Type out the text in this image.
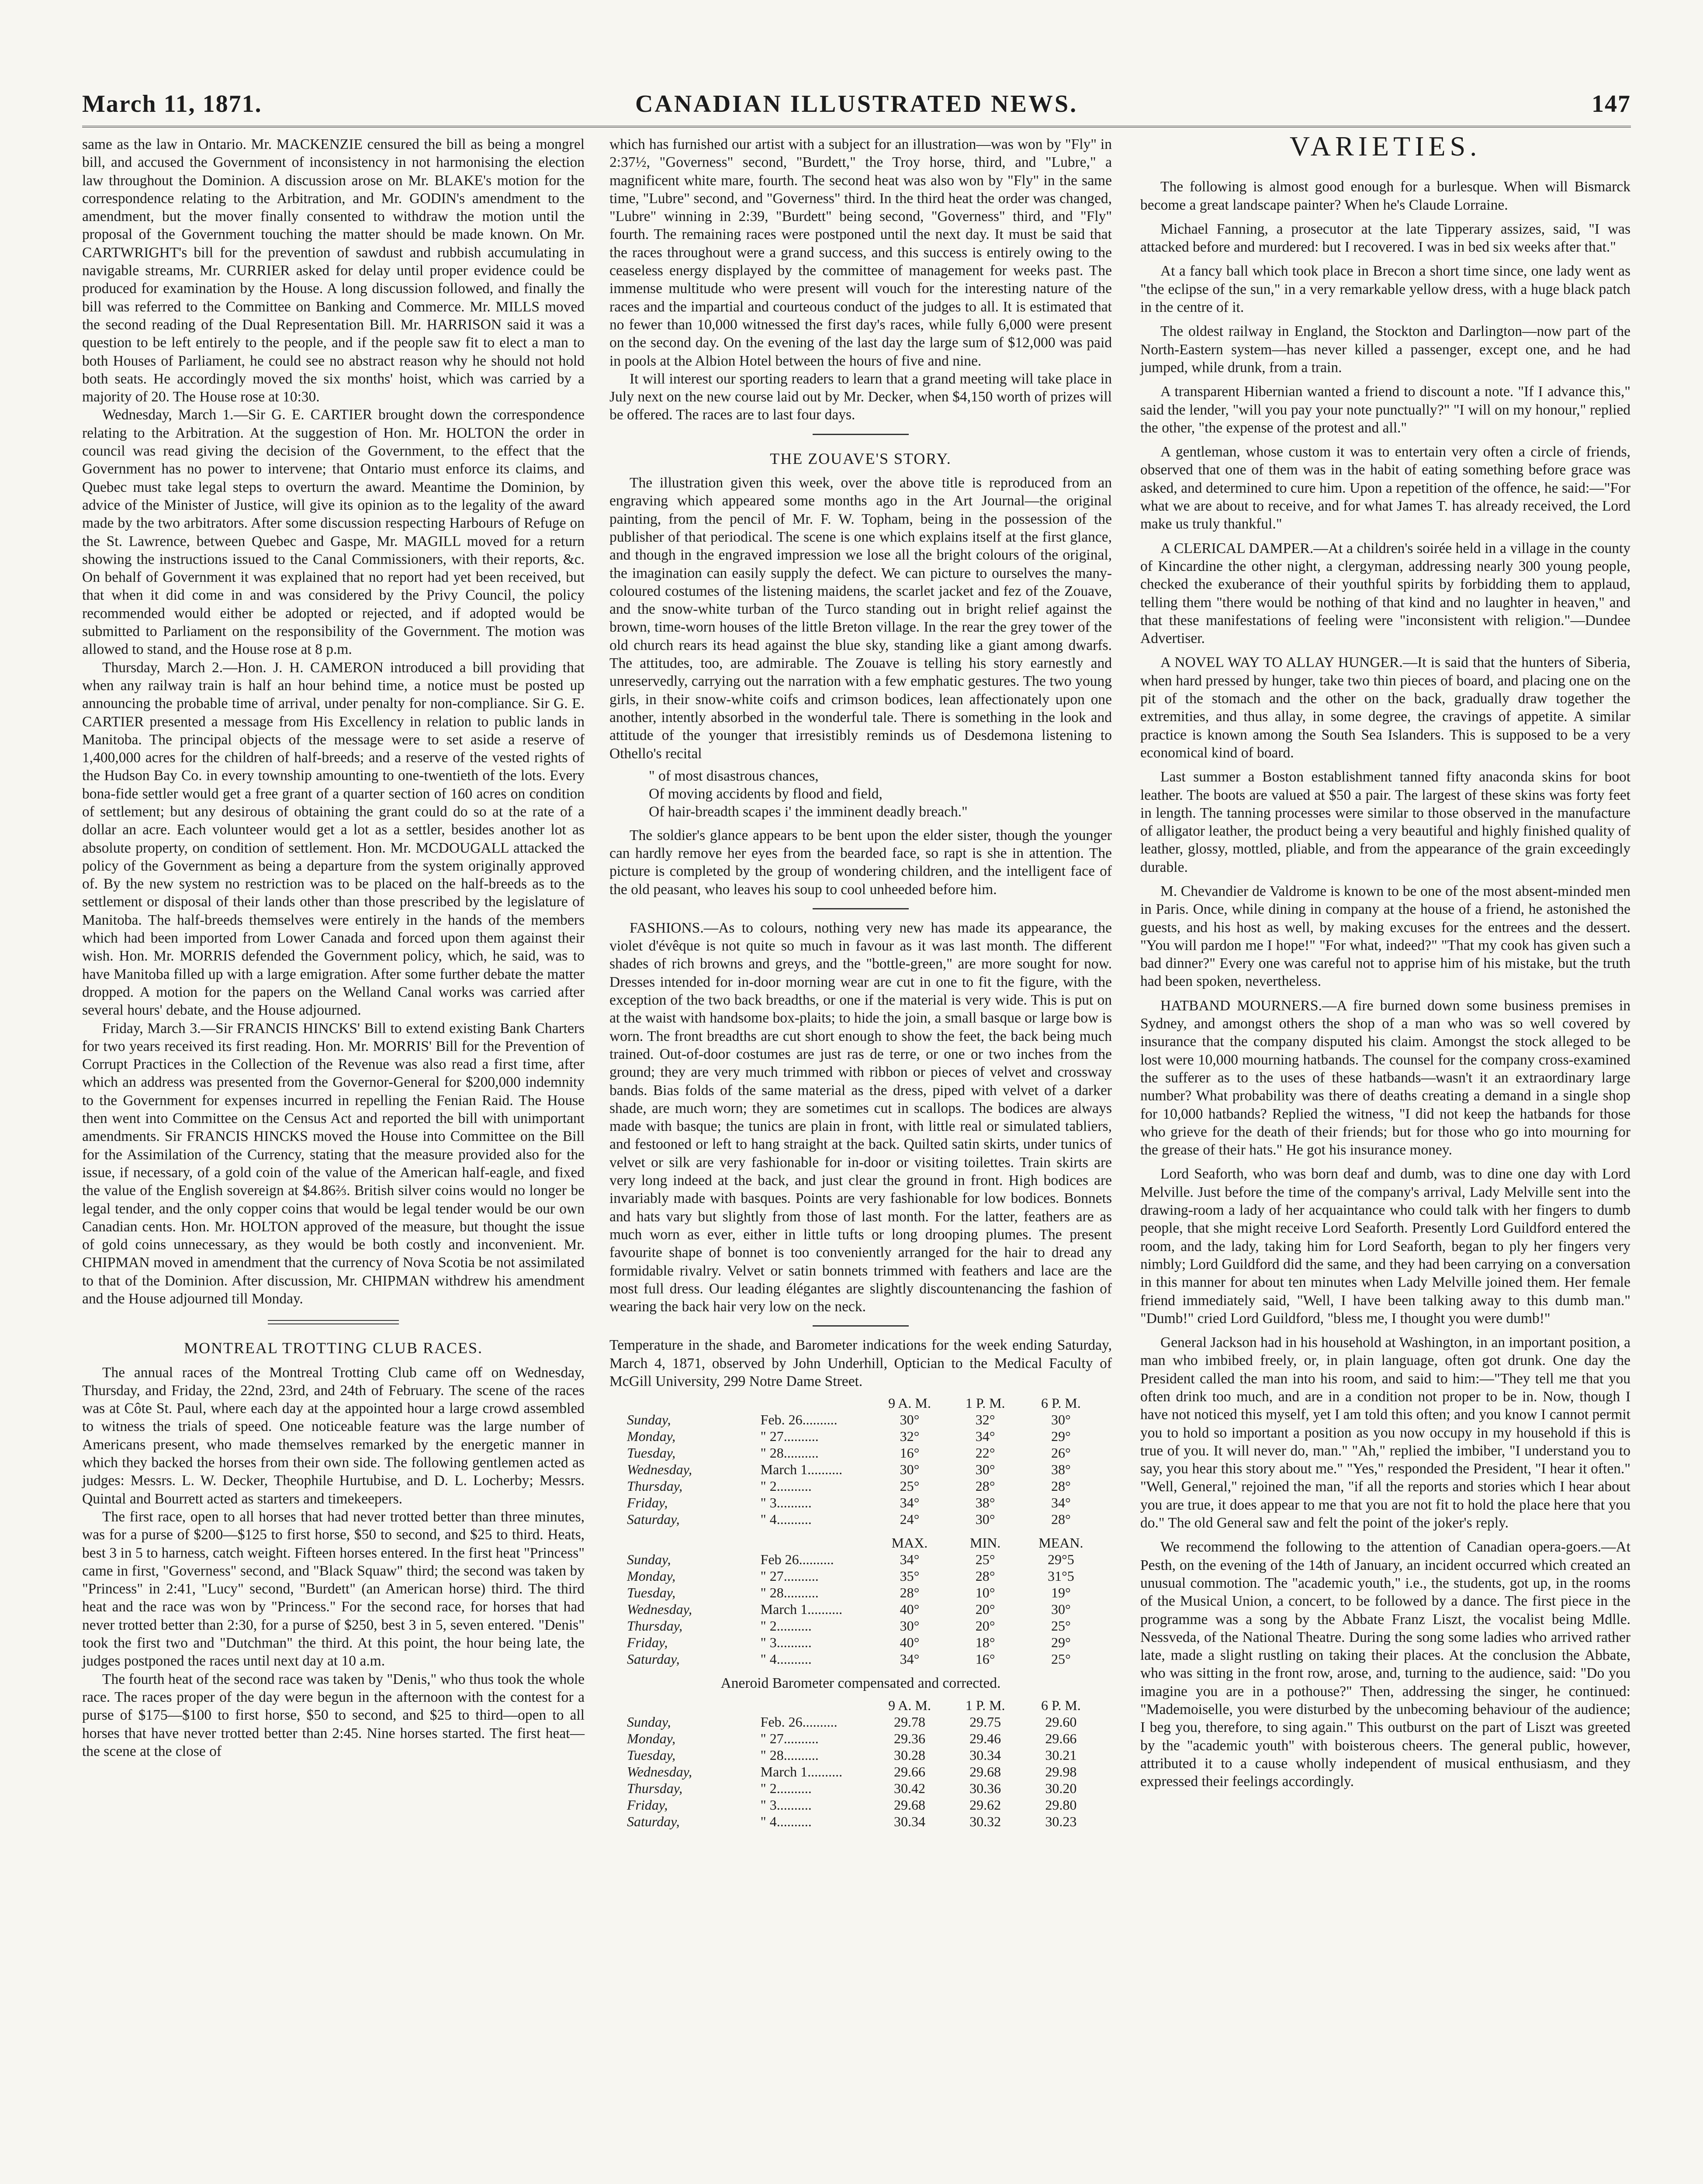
March 11, 1871.	CANADIAN ILLUSTRATED NEWS.	147

same as the law in Ontario. Mr. MACKENZIE censured the bill as being a mongrel bill, and accused the Government of inconsistency in not harmonising the election law throughout the Dominion. A discussion arose on Mr. BLAKE's motion for the correspondence relating to the Arbitration, and Mr. GODIN's amendment to the amendment, but the mover finally consented to withdraw the motion until the proposal of the Government touching the matter should be made known. On Mr. CARTWRIGHT's bill for the prevention of sawdust and rubbish accumulating in navigable streams, Mr. CURRIER asked for delay until proper evidence could be produced for examination by the House. A long discussion followed, and finally the bill was referred to the Committee on Banking and Commerce. Mr. MILLS moved the second reading of the Dual Representation Bill. Mr. HARRISON said it was a question to be left entirely to the people, and if the people saw fit to elect a man to both Houses of Parliament, he could see no abstract reason why he should not hold both seats. He accordingly moved the six months' hoist, which was carried by a majority of 20. The House rose at 10:30.

Wednesday, March 1.—Sir G. E. CARTIER brought down the correspondence relating to the Arbitration. At the suggestion of Hon. Mr. HOLTON the order in council was read giving the decision of the Government, to the effect that the Government has no power to intervene; that Ontario must enforce its claims, and Quebec must take legal steps to overturn the award. Meantime the Dominion, by advice of the Minister of Justice, will give its opinion as to the legality of the award made by the two arbitrators. After some discussion respecting Harbours of Refuge on the St. Lawrence, between Quebec and Gaspe, Mr. MAGILL moved for a return showing the instructions issued to the Canal Commissioners, with their reports, &c. On behalf of Government it was explained that no report had yet been received, but that when it did come in and was considered by the Privy Council, the policy recommended would either be adopted or rejected, and if adopted would be submitted to Parliament on the responsibility of the Government. The motion was allowed to stand, and the House rose at 8 p.m.

Thursday, March 2.—Hon. J. H. CAMERON introduced a bill providing that when any railway train is half an hour behind time, a notice must be posted up announcing the probable time of arrival, under penalty for non-compliance. Sir G. E. CARTIER presented a message from His Excellency in relation to public lands in Manitoba. The principal objects of the message were to set aside a reserve of 1,400,000 acres for the children of half-breeds; and a reserve of the vested rights of the Hudson Bay Co. in every township amounting to one-twentieth of the lots. Every bona-fide settler would get a free grant of a quarter section of 160 acres on condition of settlement; but any desirous of obtaining the grant could do so at the rate of a dollar an acre. Each volunteer would get a lot as a settler, besides another lot as absolute property, on condition of settlement. Hon. Mr. MCDOUGALL attacked the policy of the Government as being a departure from the system originally approved of. By the new system no restriction was to be placed on the half-breeds as to the settlement or disposal of their lands other than those prescribed by the legislature of Manitoba. The half-breeds themselves were entirely in the hands of the members which had been imported from Lower Canada and forced upon them against their wish. Hon. Mr. MORRIS defended the Government policy, which, he said, was to have Manitoba filled up with a large emigration. After some further debate the matter dropped. A motion for the papers on the Welland Canal works was carried after several hours' debate, and the House adjourned.

Friday, March 3.—Sir FRANCIS HINCKS' Bill to extend existing Bank Charters for two years received its first reading. Hon. Mr. MORRIS' Bill for the Prevention of Corrupt Practices in the Collection of the Revenue was also read a first time, after which an address was presented from the Governor-General for $200,000 indemnity to the Government for expenses incurred in repelling the Fenian Raid. The House then went into Committee on the Census Act and reported the bill with unimportant amendments. Sir FRANCIS HINCKS moved the House into Committee on the Bill for the Assimilation of the Currency, stating that the measure provided also for the issue, if necessary, of a gold coin of the value of the American half-eagle, and fixed the value of the English sovereign at $4.86⅔. British silver coins would no longer be legal tender, and the only copper coins that would be legal tender would be our own Canadian cents. Hon. Mr. HOLTON approved of the measure, but thought the issue of gold coins unnecessary, as they would be both costly and inconvenient. Mr. CHIPMAN moved in amendment that the currency of Nova Scotia be not assimilated to that of the Dominion. After discussion, Mr. CHIPMAN withdrew his amendment and the House adjourned till Monday.

MONTREAL TROTTING CLUB RACES.

The annual races of the Montreal Trotting Club came off on Wednesday, Thursday, and Friday, the 22nd, 23rd, and 24th of February. The scene of the races was at Côte St. Paul, where each day at the appointed hour a large crowd assembled to witness the trials of speed. One noticeable feature was the large number of Americans present, who made themselves remarked by the energetic manner in which they backed the horses from their own side. The following gentlemen acted as judges: Messrs. L. W. Decker, Theophile Hurtubise, and D. L. Locherby; Messrs. Quintal and Bourrett acted as starters and timekeepers.

The first race, open to all horses that had never trotted better than three minutes, was for a purse of $200—$125 to first horse, $50 to second, and $25 to third. Heats, best 3 in 5 to harness, catch weight. Fifteen horses entered. In the first heat "Princess" came in first, "Governess" second, and "Black Squaw" third; the second was taken by "Princess" in 2:41, "Lucy" second, "Burdett" (an American horse) third. The third heat and the race was won by "Princess." For the second race, for horses that had never trotted better than 2:30, for a purse of $250, best 3 in 5, seven entered. "Denis" took the first two and "Dutchman" the third. At this point, the hour being late, the judges postponed the races until next day at 10 a.m.

The fourth heat of the second race was taken by "Denis," who thus took the whole race. The races proper of the day were begun in the afternoon with the contest for a purse of $175—$100 to first horse, $50 to second, and $25 to third—open to all horses that have never trotted better than 2:45. Nine horses started. The first heat—the scene at the close of

which has furnished our artist with a subject for an illustration—was won by "Fly" in 2:37½, "Governess" second, "Burdett," the Troy horse, third, and "Lubre," a magnificent white mare, fourth. The second heat was also won by "Fly" in the same time, "Lubre" second, and "Governess" third. In the third heat the order was changed, "Lubre" winning in 2:39, "Burdett" being second, "Governess" third, and "Fly" fourth. The remaining races were postponed until the next day. It must be said that the races throughout were a grand success, and this success is entirely owing to the ceaseless energy displayed by the committee of management for weeks past. The immense multitude who were present will vouch for the interesting nature of the races and the impartial and courteous conduct of the judges to all. It is estimated that no fewer than 10,000 witnessed the first day's races, while fully 6,000 were present on the second day. On the evening of the last day the large sum of $12,000 was paid in pools at the Albion Hotel between the hours of five and nine.

It will interest our sporting readers to learn that a grand meeting will take place in July next on the new course laid out by Mr. Decker, when $4,150 worth of prizes will be offered. The races are to last four days.

THE ZOUAVE'S STORY.

The illustration given this week, over the above title is reproduced from an engraving which appeared some months ago in the Art Journal—the original painting, from the pencil of Mr. F. W. Topham, being in the possession of the publisher of that periodical. The scene is one which explains itself at the first glance, and though in the engraved impression we lose all the bright colours of the original, the imagination can easily supply the defect. We can picture to ourselves the many-coloured costumes of the listening maidens, the scarlet jacket and fez of the Zouave, and the snow-white turban of the Turco standing out in bright relief against the brown, time-worn houses of the little Breton village. In the rear the grey tower of the old church rears its head against the blue sky, standing like a giant among dwarfs. The attitudes, too, are admirable. The Zouave is telling his story earnestly and unreservedly, carrying out the narration with a few emphatic gestures. The two young girls, in their snow-white coifs and crimson bodices, lean affectionately upon one another, intently absorbed in the wonderful tale. There is something in the look and attitude of the younger that irresistibly reminds us of Desdemona listening to Othello's recital

" of most disastrous chances,
Of moving accidents by flood and field,
Of hair-breadth scapes i' the imminent deadly breach."

The soldier's glance appears to be bent upon the elder sister, though the younger can hardly remove her eyes from the bearded face, so rapt is she in attention. The picture is completed by the group of wondering children, and the intelligent face of the old peasant, who leaves his soup to cool unheeded before him.

FASHIONS.—As to colours, nothing very new has made its appearance, the violet d'évêque is not quite so much in favour as it was last month. The different shades of rich browns and greys, and the "bottle-green," are more sought for now. Dresses intended for in-door morning wear are cut in one to fit the figure, with the exception of the two back breadths, or one if the material is very wide. This is put on at the waist with handsome box-plaits; to hide the join, a small basque or large bow is worn. The front breadths are cut short enough to show the feet, the back being much trained. Out-of-door costumes are just ras de terre, or one or two inches from the ground; they are very much trimmed with ribbon or pieces of velvet and crossway bands. Bias folds of the same material as the dress, piped with velvet of a darker shade, are much worn; they are sometimes cut in scallops. The bodices are always made with basque; the tunics are plain in front, with little real or simulated tabliers, and festooned or left to hang straight at the back. Quilted satin skirts, under tunics of velvet or silk are very fashionable for in-door or visiting toilettes. Train skirts are very long indeed at the back, and just clear the ground in front. High bodices are invariably made with basques. Points are very fashionable for low bodices. Bonnets and hats vary but slightly from those of last month. For the latter, feathers are as much worn as ever, either in little tufts or long drooping plumes. The present favourite shape of bonnet is too conveniently arranged for the hair to dread any formidable rivalry. Velvet or satin bonnets trimmed with feathers and lace are the most full dress. Our leading élégantes are slightly discountenancing the fashion of wearing the back hair very low on the neck.

Temperature in the shade, and Barometer indications for the week ending Saturday, March 4, 1871, observed by John Underhill, Optician to the Medical Faculty of McGill University, 299 Notre Dame Street.

		9 A. M.	1 P. M.	6 P. M.
Sunday,	Feb. 26..........	30°	32°	30°
Monday,	" 27..........	32°	34°	29°
Tuesday,	" 28..........	16°	22°	26°
Wednesday,	March 1..........	30°	30°	38°
Thursday,	" 2..........	25°	28°	28°
Friday,	" 3..........	34°	38°	34°
Saturday,	" 4..........	24°	30°	28°
		MAX.	MIN.	MEAN.
Sunday,	Feb 26..........	34°	25°	29°5
Monday,	" 27..........	35°	28°	31°5
Tuesday,	" 28..........	28°	10°	19°
Wednesday,	March 1..........	40°	20°	30°
Thursday,	" 2..........	30°	20°	25°
Friday,	" 3..........	40°	18°	29°
Saturday,	" 4..........	34°	16°	25°

Aneroid Barometer compensated and corrected.

		9 A. M.	1 P. M.	6 P. M.
Sunday,	Feb. 26..........	29.78	29.75	29.60
Monday,	" 27..........	29.36	29.46	29.66
Tuesday,	" 28..........	30.28	30.34	30.21
Wednesday,	March 1..........	29.66	29.68	29.98
Thursday,	" 2..........	30.42	30.36	30.20
Friday,	" 3..........	29.68	29.62	29.80
Saturday,	" 4..........	30.34	30.32	30.23
VARIETIES.

The following is almost good enough for a burlesque. When will Bismarck become a great landscape painter? When he's Claude Lorraine.

Michael Fanning, a prosecutor at the late Tipperary assizes, said, "I was attacked before and murdered: but I recovered. I was in bed six weeks after that."

At a fancy ball which took place in Brecon a short time since, one lady went as "the eclipse of the sun," in a very remarkable yellow dress, with a huge black patch in the centre of it.

The oldest railway in England, the Stockton and Darlington—now part of the North-Eastern system—has never killed a passenger, except one, and he had jumped, while drunk, from a train.

A transparent Hibernian wanted a friend to discount a note. "If I advance this," said the lender, "will you pay your note punctually?" "I will on my honour," replied the other, "the expense of the protest and all."

A gentleman, whose custom it was to entertain very often a circle of friends, observed that one of them was in the habit of eating something before grace was asked, and determined to cure him. Upon a repetition of the offence, he said:—"For what we are about to receive, and for what James T. has already received, the Lord make us truly thankful."

A CLERICAL DAMPER.—At a children's soirée held in a village in the county of Kincardine the other night, a clergyman, addressing nearly 300 young people, checked the exuberance of their youthful spirits by forbidding them to applaud, telling them "there would be nothing of that kind and no laughter in heaven," and that these manifestations of feeling were "inconsistent with religion."—Dundee Advertiser.

A NOVEL WAY TO ALLAY HUNGER.—It is said that the hunters of Siberia, when hard pressed by hunger, take two thin pieces of board, and placing one on the pit of the stomach and the other on the back, gradually draw together the extremities, and thus allay, in some degree, the cravings of appetite. A similar practice is known among the South Sea Islanders. This is supposed to be a very economical kind of board.

Last summer a Boston establishment tanned fifty anaconda skins for boot leather. The boots are valued at $50 a pair. The largest of these skins was forty feet in length. The tanning processes were similar to those observed in the manufacture of alligator leather, the product being a very beautiful and highly finished quality of leather, glossy, mottled, pliable, and from the appearance of the grain exceedingly durable.

M. Chevandier de Valdrome is known to be one of the most absent-minded men in Paris. Once, while dining in company at the house of a friend, he astonished the guests, and his host as well, by making excuses for the entrees and the dessert. "You will pardon me I hope!" "For what, indeed?" "That my cook has given such a bad dinner?" Every one was careful not to apprise him of his mistake, but the truth had been spoken, nevertheless.

HATBAND MOURNERS.—A fire burned down some business premises in Sydney, and amongst others the shop of a man who was so well covered by insurance that the company disputed his claim. Amongst the stock alleged to be lost were 10,000 mourning hatbands. The counsel for the company cross-examined the sufferer as to the uses of these hatbands—wasn't it an extraordinary large number? What probability was there of deaths creating a demand in a single shop for 10,000 hatbands? Replied the witness, "I did not keep the hatbands for those who grieve for the death of their friends; but for those who go into mourning for the grease of their hats." He got his insurance money.

Lord Seaforth, who was born deaf and dumb, was to dine one day with Lord Melville. Just before the time of the company's arrival, Lady Melville sent into the drawing-room a lady of her acquaintance who could talk with her fingers to dumb people, that she might receive Lord Seaforth. Presently Lord Guildford entered the room, and the lady, taking him for Lord Seaforth, began to ply her fingers very nimbly; Lord Guildford did the same, and they had been carrying on a conversation in this manner for about ten minutes when Lady Melville joined them. Her female friend immediately said, "Well, I have been talking away to this dumb man." "Dumb!" cried Lord Guildford, "bless me, I thought you were dumb!"

General Jackson had in his household at Washington, in an important position, a man who imbibed freely, or, in plain language, often got drunk. One day the President called the man into his room, and said to him:—"They tell me that you often drink too much, and are in a condition not proper to be in. Now, though I have not noticed this myself, yet I am told this often; and you know I cannot permit you to hold so important a position as you now occupy in my household if this is true of you. It will never do, man." "Ah," replied the imbiber, "I understand you to say, you hear this story about me." "Yes," responded the President, "I hear it often." "Well, General," rejoined the man, "if all the reports and stories which I hear about you are true, it does appear to me that you are not fit to hold the place here that you do." The old General saw and felt the point of the joker's reply.

We recommend the following to the attention of Canadian opera-goers.—At Pesth, on the evening of the 14th of January, an incident occurred which created an unusual commotion. The "academic youth," i.e., the students, got up, in the rooms of the Musical Union, a concert, to be followed by a dance. The first piece in the programme was a song by the Abbate Franz Liszt, the vocalist being Mdlle. Nessveda, of the National Theatre. During the song some ladies who arrived rather late, made a slight rustling on taking their places. At the conclusion the Abbate, who was sitting in the front row, arose, and, turning to the audience, said: "Do you imagine you are in a pothouse?" Then, addressing the singer, he continued: "Mademoiselle, you were disturbed by the unbecoming behaviour of the audience; I beg you, therefore, to sing again." This outburst on the part of Liszt was greeted by the "academic youth" with boisterous cheers. The general public, however, attributed it to a cause wholly independent of musical enthusiasm, and they expressed their feelings accordingly.
